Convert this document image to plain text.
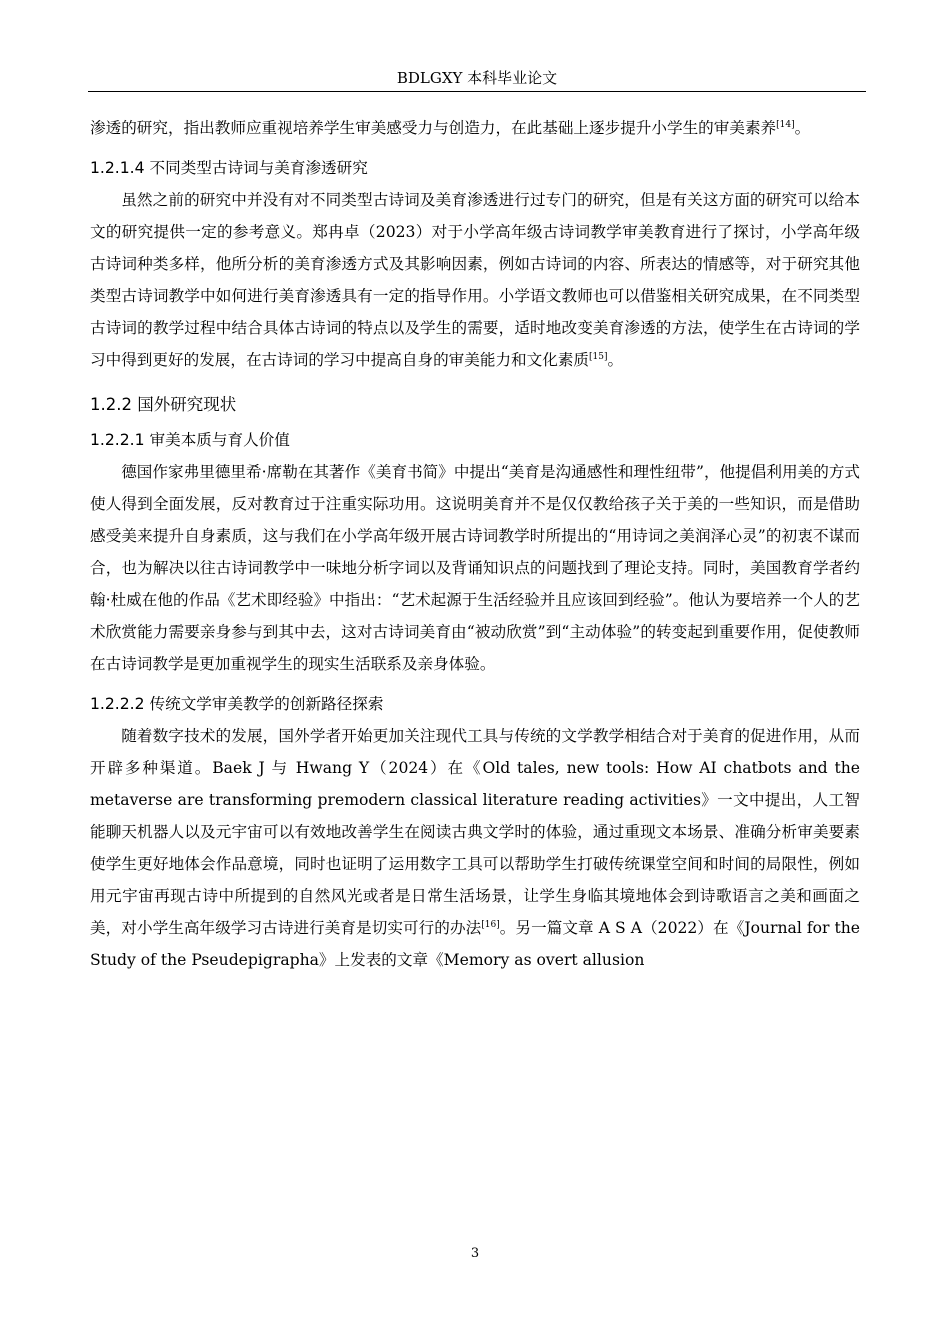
BDLGXY 本科毕业论文

渗透的研究，指出教师应重视培养学生审美感受力与创造力，在此基础上逐步提升小学生的审美素养[14]。

1.2.1.4 不同类型古诗词与美育渗透研究

虽然之前的研究中并没有对不同类型古诗词及美育渗透进行过专门的研究，但是有关这方面的研究可以给本文的研究提供一定的参考意义。郑冉卓（2023）对于小学高年级古诗词教学审美教育进行了探讨，小学高年级古诗词种类多样，他所分析的美育渗透方式及其影响因素，例如古诗词的内容、所表达的情感等，对于研究其他类型古诗词教学中如何进行美育渗透具有一定的指导作用。小学语文教师也可以借鉴相关研究成果，在不同类型古诗词的教学过程中结合具体古诗词的特点以及学生的需要，适时地改变美育渗透的方法，使学生在古诗词的学习中得到更好的发展，在古诗词的学习中提高自身的审美能力和文化素质[15]。

1.2.2 国外研究现状
1.2.2.1 审美本质与育人价值

德国作家弗里德里希·席勒在其著作《美育书简》中提出“美育是沟通感性和理性纽带”，他提倡利用美的方式使人得到全面发展，反对教育过于注重实际功用。这说明美育并不是仅仅教给孩子关于美的一些知识，而是借助感受美来提升自身素质，这与我们在小学高年级开展古诗词教学时所提出的“用诗词之美润泽心灵”的初衷不谋而合，也为解决以往古诗词教学中一味地分析字词以及背诵知识点的问题找到了理论支持。同时，美国教育学者约翰·杜威在他的作品《艺术即经验》中指出：“艺术起源于生活经验并且应该回到经验”。他认为要培养一个人的艺术欣赏能力需要亲身参与到其中去，这对古诗词美育由“被动欣赏”到“主动体验”的转变起到重要作用，促使教师在古诗词教学是更加重视学生的现实生活联系及亲身体验。

1.2.2.2 传统文学审美教学的创新路径探索

随着数字技术的发展，国外学者开始更加关注现代工具与传统的文学教学相结合对于美育的促进作用，从而开辟多种渠道。Baek J 与 Hwang Y（2024）在《Old tales, new tools: How AI chatbots and the metaverse are transforming premodern classical literature reading activities》一文中提出，人工智能聊天机器人以及元宇宙可以有效地改善学生在阅读古典文学时的体验，通过重现文本场景、准确分析审美要素使学生更好地体会作品意境，同时也证明了运用数字工具可以帮助学生打破传统课堂空间和时间的局限性，例如用元宇宙再现古诗中所提到的自然风光或者是日常生活场景，让学生身临其境地体会到诗歌语言之美和画面之美，对小学生高年级学习古诗进行美育是切实可行的办法[16]。另一篇文章 A S A（2022）在《Journal for the Study of the Pseudepigrapha》上发表的文章《Memory as overt allusion

3
